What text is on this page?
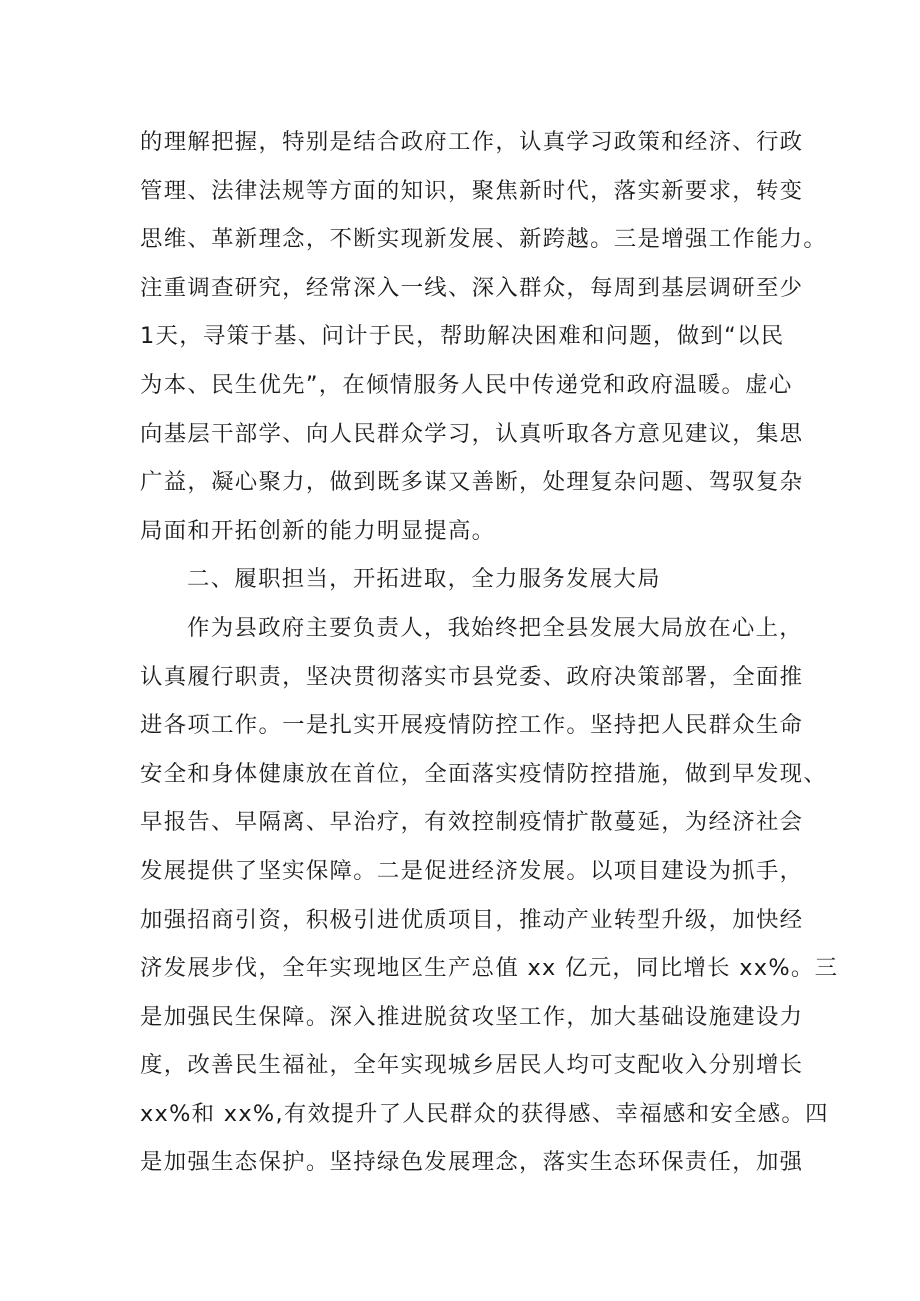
的理解把握，特别是结合政府工作，认真学习政策和经济、行政
管理、法律法规等方面的知识，聚焦新时代，落实新要求，转变
思维、革新理念，不断实现新发展、新跨越。三是增强工作能力。
注重调查研究，经常深入一线、深入群众，每周到基层调研至少
1天，寻策于基、问计于民，帮助解决困难和问题，做到“以民
为本、民生优先”，在倾情服务人民中传递党和政府温暖。虚心
向基层干部学、向人民群众学习，认真听取各方意见建议，集思
广益，凝心聚力，做到既多谋又善断，处理复杂问题、驾驭复杂
局面和开拓创新的能力明显提高。
二、履职担当，开拓进取，全力服务发展大局
作为县政府主要负责人，我始终把全县发展大局放在心上，
认真履行职责，坚决贯彻落实市县党委、政府决策部署，全面推
进各项工作。一是扎实开展疫情防控工作。坚持把人民群众生命
安全和身体健康放在首位，全面落实疫情防控措施，做到早发现、
早报告、早隔离、早治疗，有效控制疫情扩散蔓延，为经济社会
发展提供了坚实保障。二是促进经济发展。以项目建设为抓手，
加强招商引资，积极引进优质项目，推动产业转型升级，加快经
济发展步伐，全年实现地区生产总值 xx 亿元，同比增长 xx%。三
是加强民生保障。深入推进脱贫攻坚工作，加大基础设施建设力
度，改善民生福祉，全年实现城乡居民人均可支配收入分别增长
xx%和 xx%,有效提升了人民群众的获得感、幸福感和安全感。四
是加强生态保护。坚持绿色发展理念，落实生态环保责任，加强
